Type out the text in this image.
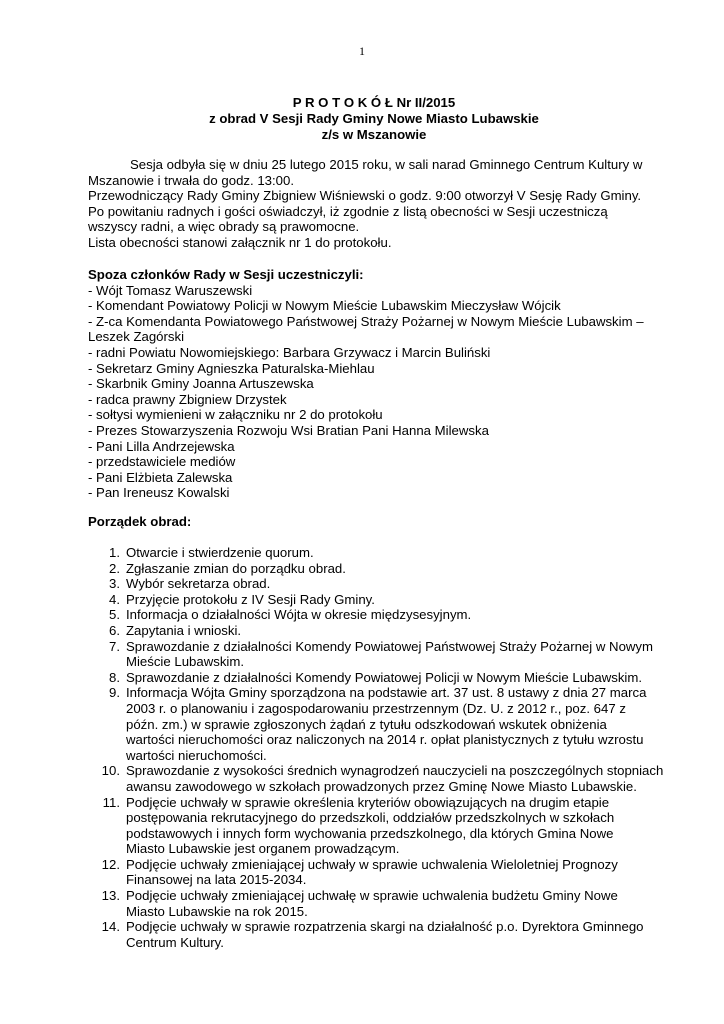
1
P R O T O K Ó Ł Nr II/2015
z obrad V Sesji Rady Gminy Nowe Miasto Lubawskie
z/s w Mszanowie
Sesja odbyła się w dniu 25 lutego 2015 roku, w sali narad Gminnego Centrum Kultury w
Mszanowie i trwała do godz. 13:00.
Przewodniczący Rady Gminy Zbigniew Wiśniewski o godz. 9:00 otworzył V Sesję Rady Gminy.
Po powitaniu radnych i gości oświadczył, iż zgodnie z listą obecności w Sesji uczestniczą
wszyscy radni, a więc obrady są prawomocne.
Lista obecności stanowi załącznik nr 1 do protokołu.
Spoza członków Rady w Sesji uczestniczyli:
- Wójt Tomasz Waruszewski
- Komendant Powiatowy Policji w Nowym Mieście Lubawskim Mieczysław Wójcik
- Z-ca Komendanta Powiatowego Państwowej Straży Pożarnej w Nowym Mieście Lubawskim –
Leszek Zagórski
- radni Powiatu Nowomiejskiego: Barbara Grzywacz i Marcin Buliński
- Sekretarz Gminy Agnieszka Paturalska-Miehlau
- Skarbnik Gminy Joanna Artuszewska
- radca prawny Zbigniew Drzystek
- sołtysi wymienieni w załączniku nr 2 do protokołu
- Prezes Stowarzyszenia Rozwoju Wsi Bratian Pani Hanna Milewska
- Pani Lilla Andrzejewska
- przedstawiciele mediów
- Pani Elżbieta Zalewska
- Pan Ireneusz Kowalski
Porządek obrad:
1. Otwarcie i stwierdzenie quorum.
2. Zgłaszanie zmian do porządku obrad.
3. Wybór sekretarza obrad.
4. Przyjęcie protokołu z IV Sesji Rady Gminy.
5. Informacja o działalności Wójta w okresie międzysesyjnym.
6. Zapytania i wnioski.
7. Sprawozdanie z działalności Komendy Powiatowej Państwowej Straży Pożarnej w Nowym
Mieście Lubawskim.
8. Sprawozdanie z działalności Komendy Powiatowej Policji w Nowym Mieście Lubawskim.
9. Informacja Wójta Gminy sporządzona na podstawie art. 37 ust. 8 ustawy z dnia 27 marca
2003 r. o planowaniu i zagospodarowaniu przestrzennym (Dz. U. z 2012 r., poz. 647 z
późn. zm.) w sprawie zgłoszonych żądań z tytułu odszkodowań wskutek obniżenia
wartości nieruchomości oraz naliczonych na 2014 r. opłat planistycznych z tytułu wzrostu
wartości nieruchomości.
10. Sprawozdanie z wysokości średnich wynagrodzeń nauczycieli na poszczególnych stopniach
awansu zawodowego w szkołach prowadzonych przez Gminę Nowe Miasto Lubawskie.
11. Podjęcie uchwały w sprawie określenia kryteriów obowiązujących na drugim etapie
postępowania rekrutacyjnego do przedszkoli, oddziałów przedszkolnych w szkołach
podstawowych i innych form wychowania przedszkolnego, dla których Gmina Nowe
Miasto Lubawskie jest organem prowadzącym.
12. Podjęcie uchwały zmieniającej uchwały w sprawie uchwalenia Wieloletniej Prognozy
Finansowej na lata 2015-2034.
13. Podjęcie uchwały zmieniającej uchwałę w sprawie uchwalenia budżetu Gminy Nowe
Miasto Lubawskie na rok 2015.
14. Podjęcie uchwały w sprawie rozpatrzenia skargi na działalność p.o. Dyrektora Gminnego
Centrum Kultury.
